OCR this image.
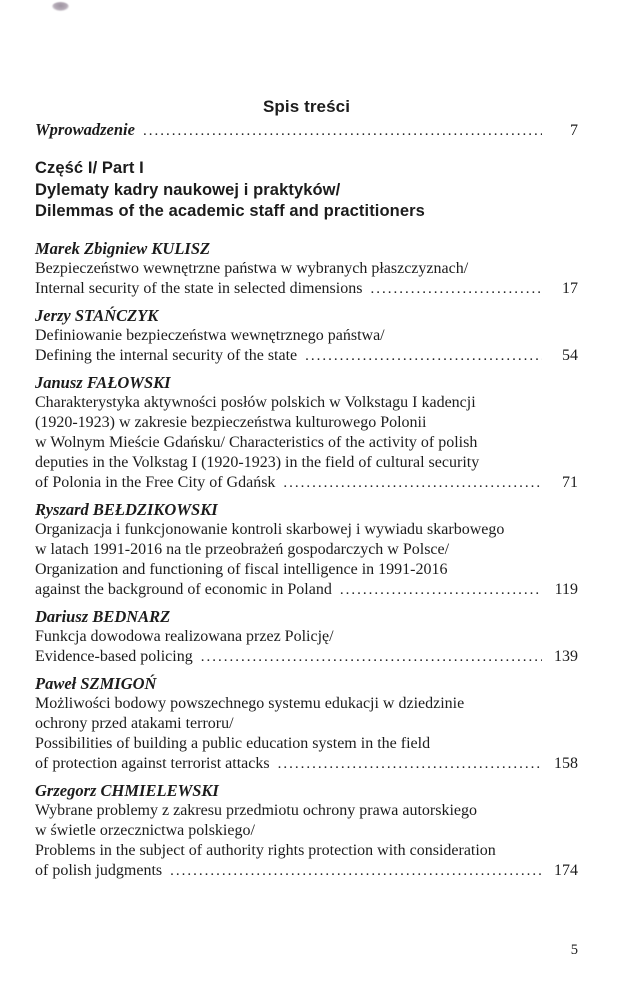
Spis treści
Wprowadzenie .....	7
Część I/ Part I
Dylematy kadry naukowej i praktyków/
Dilemmas of the academic staff and practitioners
Marek Zbigniew KULISZ
Bezpieczeństwo wewnętrzne państwa w wybranych płaszczyznach/
Internal security of the state in selected dimensions .....	17
Jerzy STAŃCZYK
Definiowanie bezpieczeństwa wewnętrznego państwa/
Defining the internal security of the state .....	54
Janusz FAŁOWSKI
Charakterystyka aktywności posłów polskich w Volkstagu I kadencji
(1920-1923) w zakresie bezpieczeństwa kulturowego Polonii
w Wolnym Mieście Gdańsku/ Characteristics of the activity of polish
deputies in the Volkstag I (1920-1923) in the field of cultural security
of Polonia in the Free City of Gdańsk .....	71
Ryszard BEŁDZIKOWSKI
Organizacja i funkcjonowanie kontroli skarbowej i wywiadu skarbowego
w latach 1991-2016 na tle przeobrażeń gospodarczych w Polsce/
Organization and functioning of fiscal intelligence in 1991-2016
against the background of economic in Poland .....	119
Dariusz BEDNARZ
Funkcja dowodowa realizowana przez Policję/
Evidence-based policing .....	139
Paweł SZMIGOŃ
Możliwości bodowy powszechnego systemu edukacji w dziedzinie
ochrony przed atakami terroru/
Possibilities of building a public education system in the field
of protection against terrorist attacks .....	158
Grzegorz CHMIELEWSKI
Wybrane problemy z zakresu przedmiotu ochrony prawa autorskiego
w świetle orzecznictwa polskiego/
Problems in the subject of authority rights protection with consideration
of polish judgments .....	174
5
